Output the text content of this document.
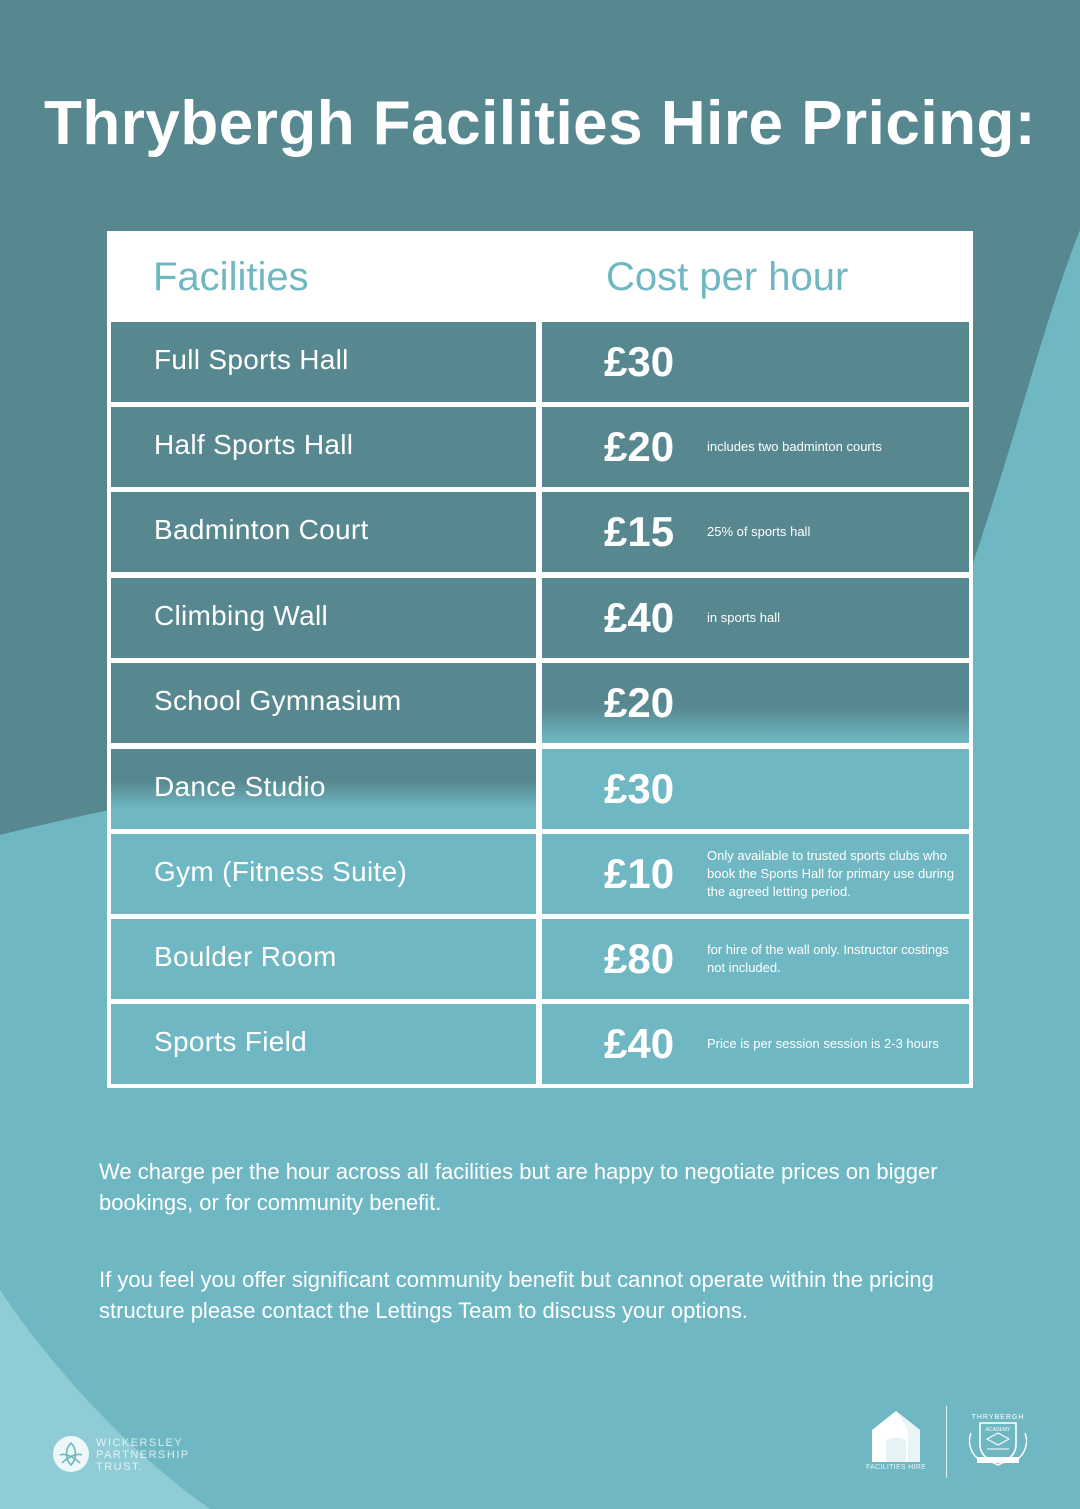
Thrybergh Facilities Hire Pricing:
Facilities	Cost per hour
Full Sports Hall	£30
Half Sports Hall	£20	includes two badminton courts
Badminton Court	£15	25% of sports hall
Climbing Wall	£40	in sports hall
School Gymnasium	£20
Dance Studio	£30
Gym (Fitness Suite)	£10	Only available to trusted sports clubs who book the Sports Hall for primary use during the agreed letting period.
Boulder Room	£80	for hire of the wall only. Instructor costings not included.
Sports Field	£40	Price is per session session is 2-3 hours

We charge per the hour across all facilities but are happy to negotiate prices on bigger bookings, or for community benefit.

If you feel you offer significant community benefit but cannot operate within the pricing structure please contact the Lettings Team to discuss your options.

WICKERSLEY
PARTNERSHIP
TRUST.	FACILITIES HIRE
THRYBERGH
ACADEMY
